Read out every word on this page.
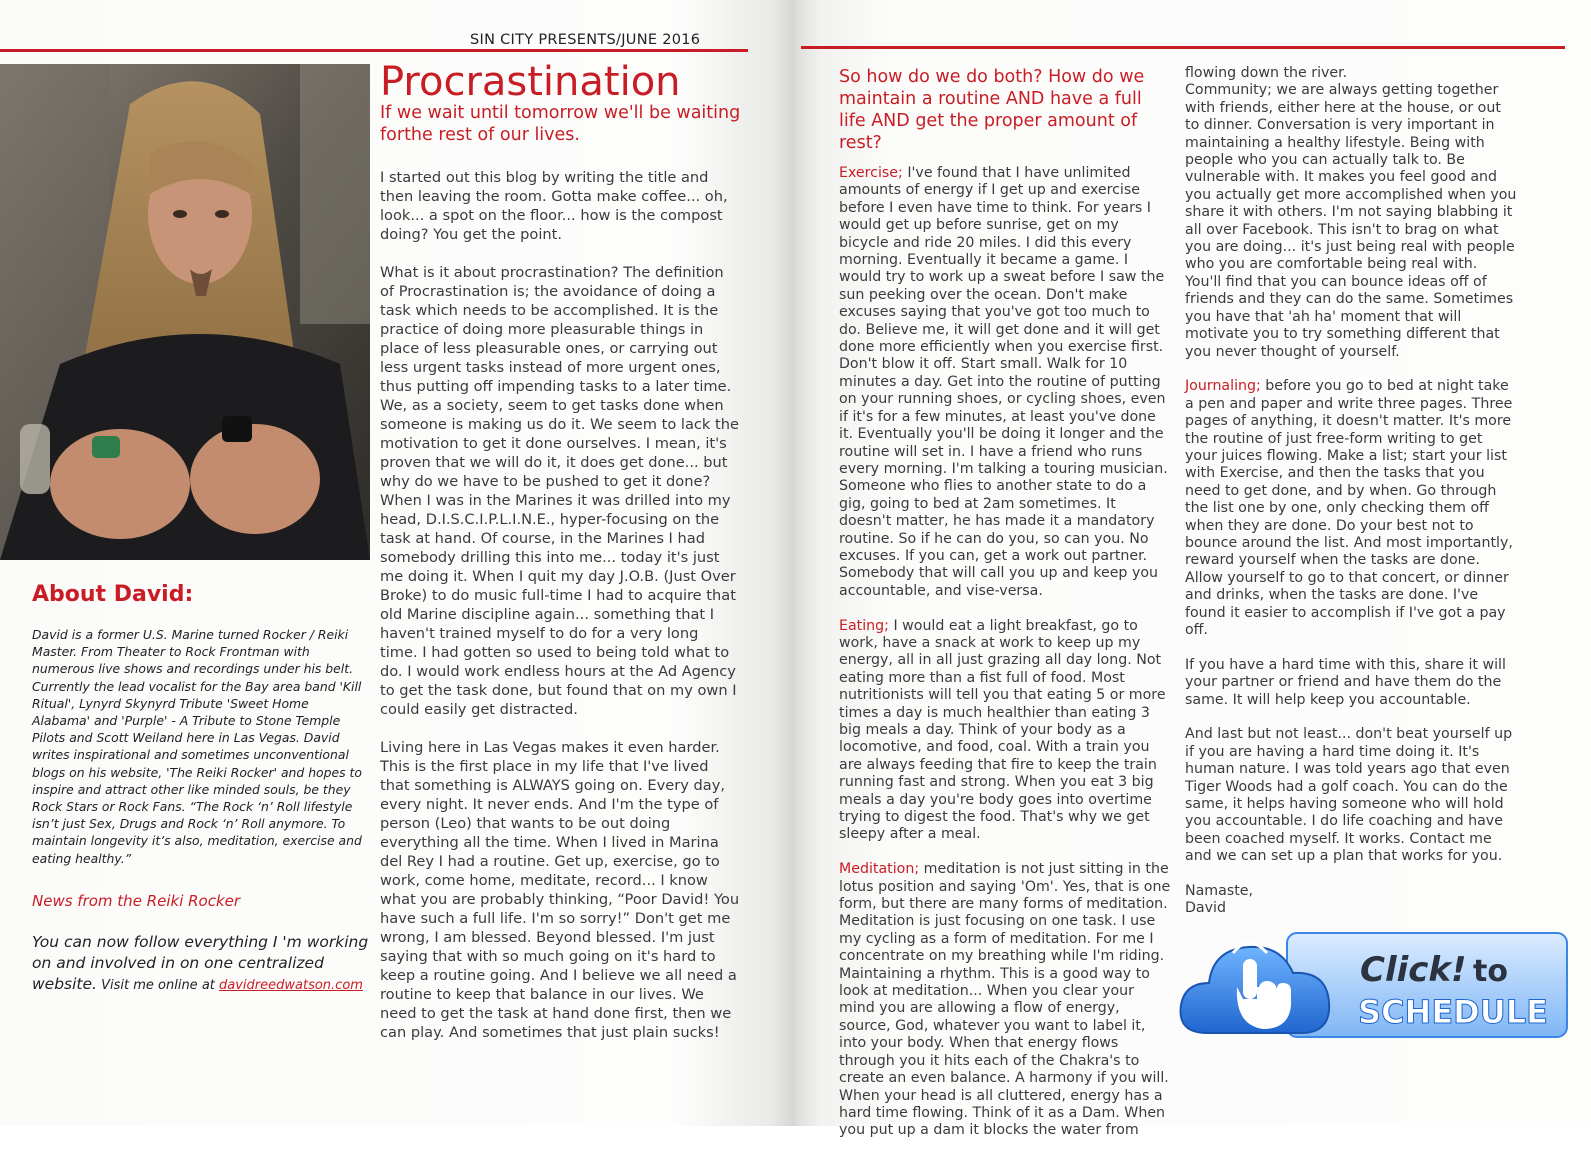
SIN CITY PRESENTS/JUNE 2016
Procrastination
If we wait until tomorrow we'll be waiting forthe rest of our lives.

I started out this blog by writing the title and then leaving the room. Gotta make coffee... oh, look... a spot on the floor... how is the compost doing? You get the point.

What is it about procrastination? The definition of Procrastination is; the avoidance of doing a task which needs to be accomplished. It is the practice of doing more pleasurable things in place of less pleasurable ones, or carrying out less urgent tasks instead of more urgent ones, thus putting off impending tasks to a later time. We, as a society, seem to get tasks done when someone is making us do it. We seem to lack the motivation to get it done ourselves. I mean, it's proven that we will do it, it does get done... but why do we have to be pushed to get it done? When I was in the Marines it was drilled into my head, D.I.S.C.I.P.L.I.N.E., hyper-focusing on the task at hand. Of course, in the Marines I had somebody drilling this into me... today it's just me doing it. When I quit my day J.O.B. (Just Over Broke) to do music full-time I had to acquire that old Marine discipline again... something that I haven't trained myself to do for a very long time. I had gotten so used to being told what to do. I would work endless hours at the Ad Agency to get the task done, but found that on my own I could easily get distracted.

Living here in Las Vegas makes it even harder. This is the first place in my life that I've lived that something is ALWAYS going on. Every day, every night. It never ends. And I'm the type of person (Leo) that wants to be out doing everything all the time. When I lived in Marina del Rey I had a routine. Get up, exercise, go to work, come home, meditate, record... I know what you are probably thinking, “Poor David! You have such a full life. I'm so sorry!” Don't get me wrong, I am blessed. Beyond blessed. I'm just saying that with so much going on it's hard to keep a routine going. And I believe we all need a routine to keep that balance in our lives. We need to get the task at hand done first, then we can play. And sometimes that just plain sucks!

About David:
David is a former U.S. Marine turned Rocker / Reiki Master. From Theater to Rock Frontman with numerous live shows and recordings under his belt. Currently the lead vocalist for the Bay area band 'Kill Ritual', Lynyrd Skynyrd Tribute 'Sweet Home Alabama' and 'Purple' - A Tribute to Stone Temple Pilots and Scott Weiland here in Las Vegas. David writes inspirational and sometimes unconventional blogs on his website, 'The Reiki Rocker' and hopes to inspire and attract other like minded souls, be they Rock Stars or Rock Fans. “The Rock ‘n’ Roll lifestyle isn’t just Sex, Drugs and Rock ‘n’ Roll anymore. To maintain longevity it’s also, meditation, exercise and eating healthy.”
News from the Reiki Rocker
You can now follow everything I 'm working on and involved in on one centralized website. Visit me online at davidreedwatson.com
So how do we do both? How do we maintain a routine AND have a full life AND get the proper amount of rest?

Exercise; I've found that I have unlimited amounts of energy if I get up and exercise before I even have time to think. For years I would get up before sunrise, get on my bicycle and ride 20 miles. I did this every morning. Eventually it became a game. I would try to work up a sweat before I saw the sun peeking over the ocean. Don't make excuses saying that you've got too much to do. Believe me, it will get done and it will get done more efficiently when you exercise first. Don't blow it off. Start small. Walk for 10 minutes a day. Get into the routine of putting on your running shoes, or cycling shoes, even if it's for a few minutes, at least you've done it. Eventually you'll be doing it longer and the routine will set in. I have a friend who runs every morning. I'm talking a touring musician. Someone who flies to another state to do a gig, going to bed at 2am sometimes. It doesn't matter, he has made it a mandatory routine. So if he can do you, so can you. No excuses. If you can, get a work out partner. Somebody that will call you up and keep you accountable, and vise-versa.

Eating; I would eat a light breakfast, go to work, have a snack at work to keep up my energy, all in all just grazing all day long. Not eating more than a fist full of food. Most nutritionists will tell you that eating 5 or more times a day is much healthier than eating 3 big meals a day. Think of your body as a locomotive, and food, coal. With a train you are always feeding that fire to keep the train running fast and strong. When you eat 3 big meals a day you're body goes into overtime trying to digest the food. That's why we get sleepy after a meal.

Meditation; meditation is not just sitting in the lotus position and saying 'Om'. Yes, that is one form, but there are many forms of meditation. Meditation is just focusing on one task. I use my cycling as a form of meditation. For me I concentrate on my breathing while I'm riding. Maintaining a rhythm. This is a good way to look at meditation... When you clear your mind you are allowing a flow of energy, source, God, whatever you want to label it, into your body. When that energy flows through you it hits each of the Chakra's to create an even balance. A harmony if you will. When your head is all cluttered, energy has a hard time flowing. Think of it as a Dam. When you put up a dam it blocks the water from

flowing down the river.
Community; we are always getting together with friends, either here at the house, or out to dinner. Conversation is very important in maintaining a healthy lifestyle. Being with people who you can actually talk to. Be vulnerable with. It makes you feel good and you actually get more accomplished when you share it with others. I'm not saying blabbing it all over Facebook. This isn't to brag on what you are doing... it's just being real with people who you are comfortable being real with. You'll find that you can bounce ideas off of friends and they can do the same. Sometimes you have that 'ah ha' moment that will motivate you to try something different that you never thought of yourself.

Journaling; before you go to bed at night take a pen and paper and write three pages. Three pages of anything, it doesn't matter. It's more the routine of just free-form writing to get your juices flowing. Make a list; start your list with Exercise, and then the tasks that you need to get done, and by when. Go through the list one by one, only checking them off when they are done. Do your best not to bounce around the list. And most importantly, reward yourself when the tasks are done. Allow yourself to go to that concert, or dinner and drinks, when the tasks are done. I've found it easier to accomplish if I've got a pay off.

If you have a hard time with this, share it will your partner or friend and have them do the same. It will help keep you accountable.

And last but not least... don't beat yourself up if you are having a hard time doing it. It's human nature. I was told years ago that even Tiger Woods had a golf coach. You can do the same, it helps having someone who will hold you accountable. I do life coaching and have been coached myself. It works. Contact me and we can set up a plan that works for you.

Namaste,
David

Click! to
SCHEDULE
